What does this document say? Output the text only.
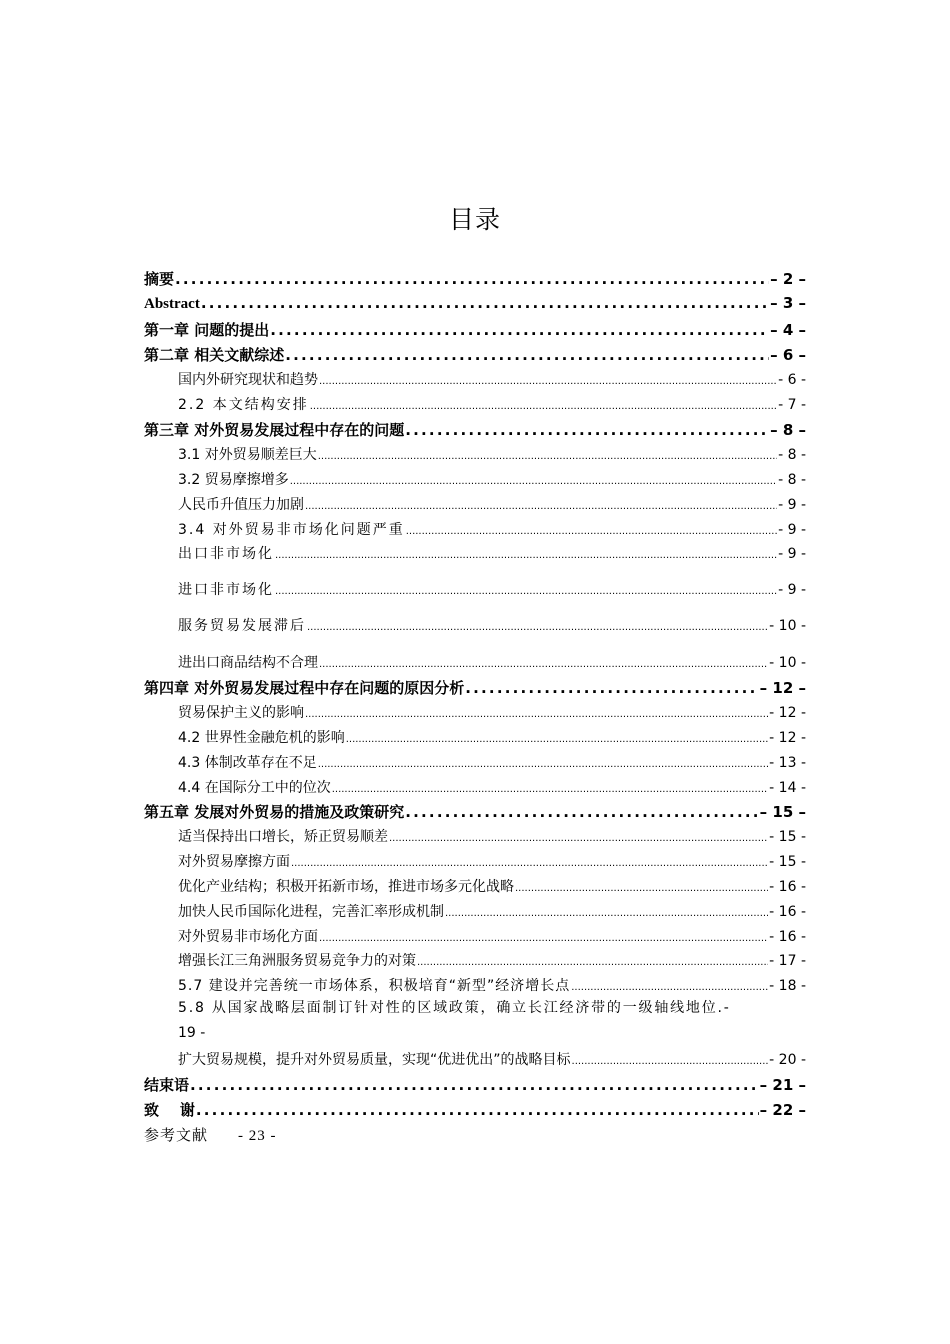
目录
摘要 .....	– 2 –
Abstract .....	– 3 –
第一章 问题的提出 .....	– 4 –
第二章 相关文献综述 .....	– 6 –
国内外研究现状和趋势 .....	- 6 -
2.2 本文结构安排 .....	- 7 -
第三章 对外贸易发展过程中存在的问题 .....	– 8 –
3.1 对外贸易顺差巨大 .....	- 8 -
3.2 贸易摩擦增多 .....	- 8 -
人民币升值压力加剧 .....	- 9 -
3.4 对外贸易非市场化问题严重 .....	- 9 -
出口非市场化 .....	- 9 -
进口非市场化 .....	- 9 -
服务贸易发展滞后 .....	- 10 -
进出口商品结构不合理 .....	- 10 -
第四章 对外贸易发展过程中存在问题的原因分析 .....	– 12 –
贸易保护主义的影响 .....	- 12 -
4.2 世界性金融危机的影响 .....	- 12 -
4.3 体制改革存在不足 .....	- 13 -
4.4 在国际分工中的位次 .....	- 14 -
第五章 发展对外贸易的措施及政策研究 .....	– 15 –
适当保持出口增长，矫正贸易顺差 .....	- 15 -
对外贸易摩擦方面 .....	- 15 -
优化产业结构；积极开拓新市场，推进市场多元化战略 .....	- 16 -
加快人民币国际化进程，完善汇率形成机制 .....	- 16 -
对外贸易非市场化方面 .....	- 16 -
增强长江三角洲服务贸易竞争力的对策 .....	- 17 -
5.7 建设并完善统一市场体系，积极培育“新型”经济增长点 .....	- 18 -
5.8 从国家战略层面制订针对性的区域政策，确立长江经济带的一级轴线地位.-
19 -
扩大贸易规模，提升对外贸易质量，实现“优进优出”的战略目标 .....	- 20 -
结束语 .....	– 21 –
致    谢 .....	– 22 –
参考文献 - 23 -
